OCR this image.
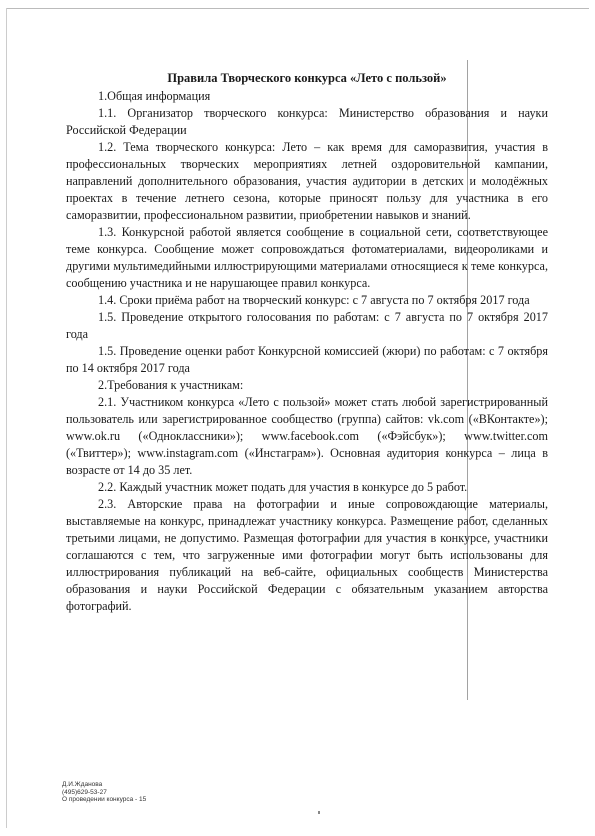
Правила Творческого конкурса «Лето с пользой»

1.Общая информация

1.1. Организатор творческого конкурса: Министерство образования и науки Российской Федерации

1.2. Тема творческого конкурса: Лето – как время для саморазвития, участия в профессиональных творческих мероприятиях летней оздоровительной кампании, направлений дополнительного образования, участия аудитории в детских и молодёжных проектах в течение летнего сезона, которые приносят пользу для участника в его саморазвитии, профессиональном развитии, приобретении навыков и знаний.

1.3. Конкурсной работой является сообщение в социальной сети, соответствующее теме конкурса. Сообщение может сопровождаться фотоматериалами, видеороликами и другими мультимедийными иллюстрирующими материалами относящиеся к теме конкурса, сообщению участника и не нарушающее правил конкурса.

1.4. Сроки приёма работ на творческий конкурс: с 7 августа по 7 октября 2017 года

1.5. Проведение открытого голосования по работам: с 7 августа по 7 октября 2017 года

1.5. Проведение оценки работ Конкурсной комиссией (жюри) по работам: с 7 октября по 14 октября 2017 года

2.Требования к участникам:

2.1. Участником конкурса «Лето с пользой» может стать любой зарегистрированный пользователь или зарегистрированное сообщество (группа) сайтов: vk.com («ВКонтакте»); www.ok.ru («Одноклассники»); www.facebook.com («Фэйсбук»); www.twitter.com («Твиттер»); www.instagram.com («Инстаграм»). Основная аудитория конкурса – лица в возрасте от 14 до 35 лет.

2.2. Каждый участник может подать для участия в конкурсе до 5 работ.

2.3. Авторские права на фотографии и иные сопровождающие материалы, выставляемые на конкурс, принадлежат участнику конкурса. Размещение работ, сделанных третьими лицами, не допустимо. Размещая фотографии для участия в конкурсе, участники соглашаются с тем, что загруженные ими фотографии могут быть использованы для иллюстрирования публикаций на веб-сайте, официальных сообществ Министерства образования и науки Российской Федерации с обязательным указанием авторства фотографий.

Д.И.Жданова
(495)629-53-27
О проведении конкурса - 15
